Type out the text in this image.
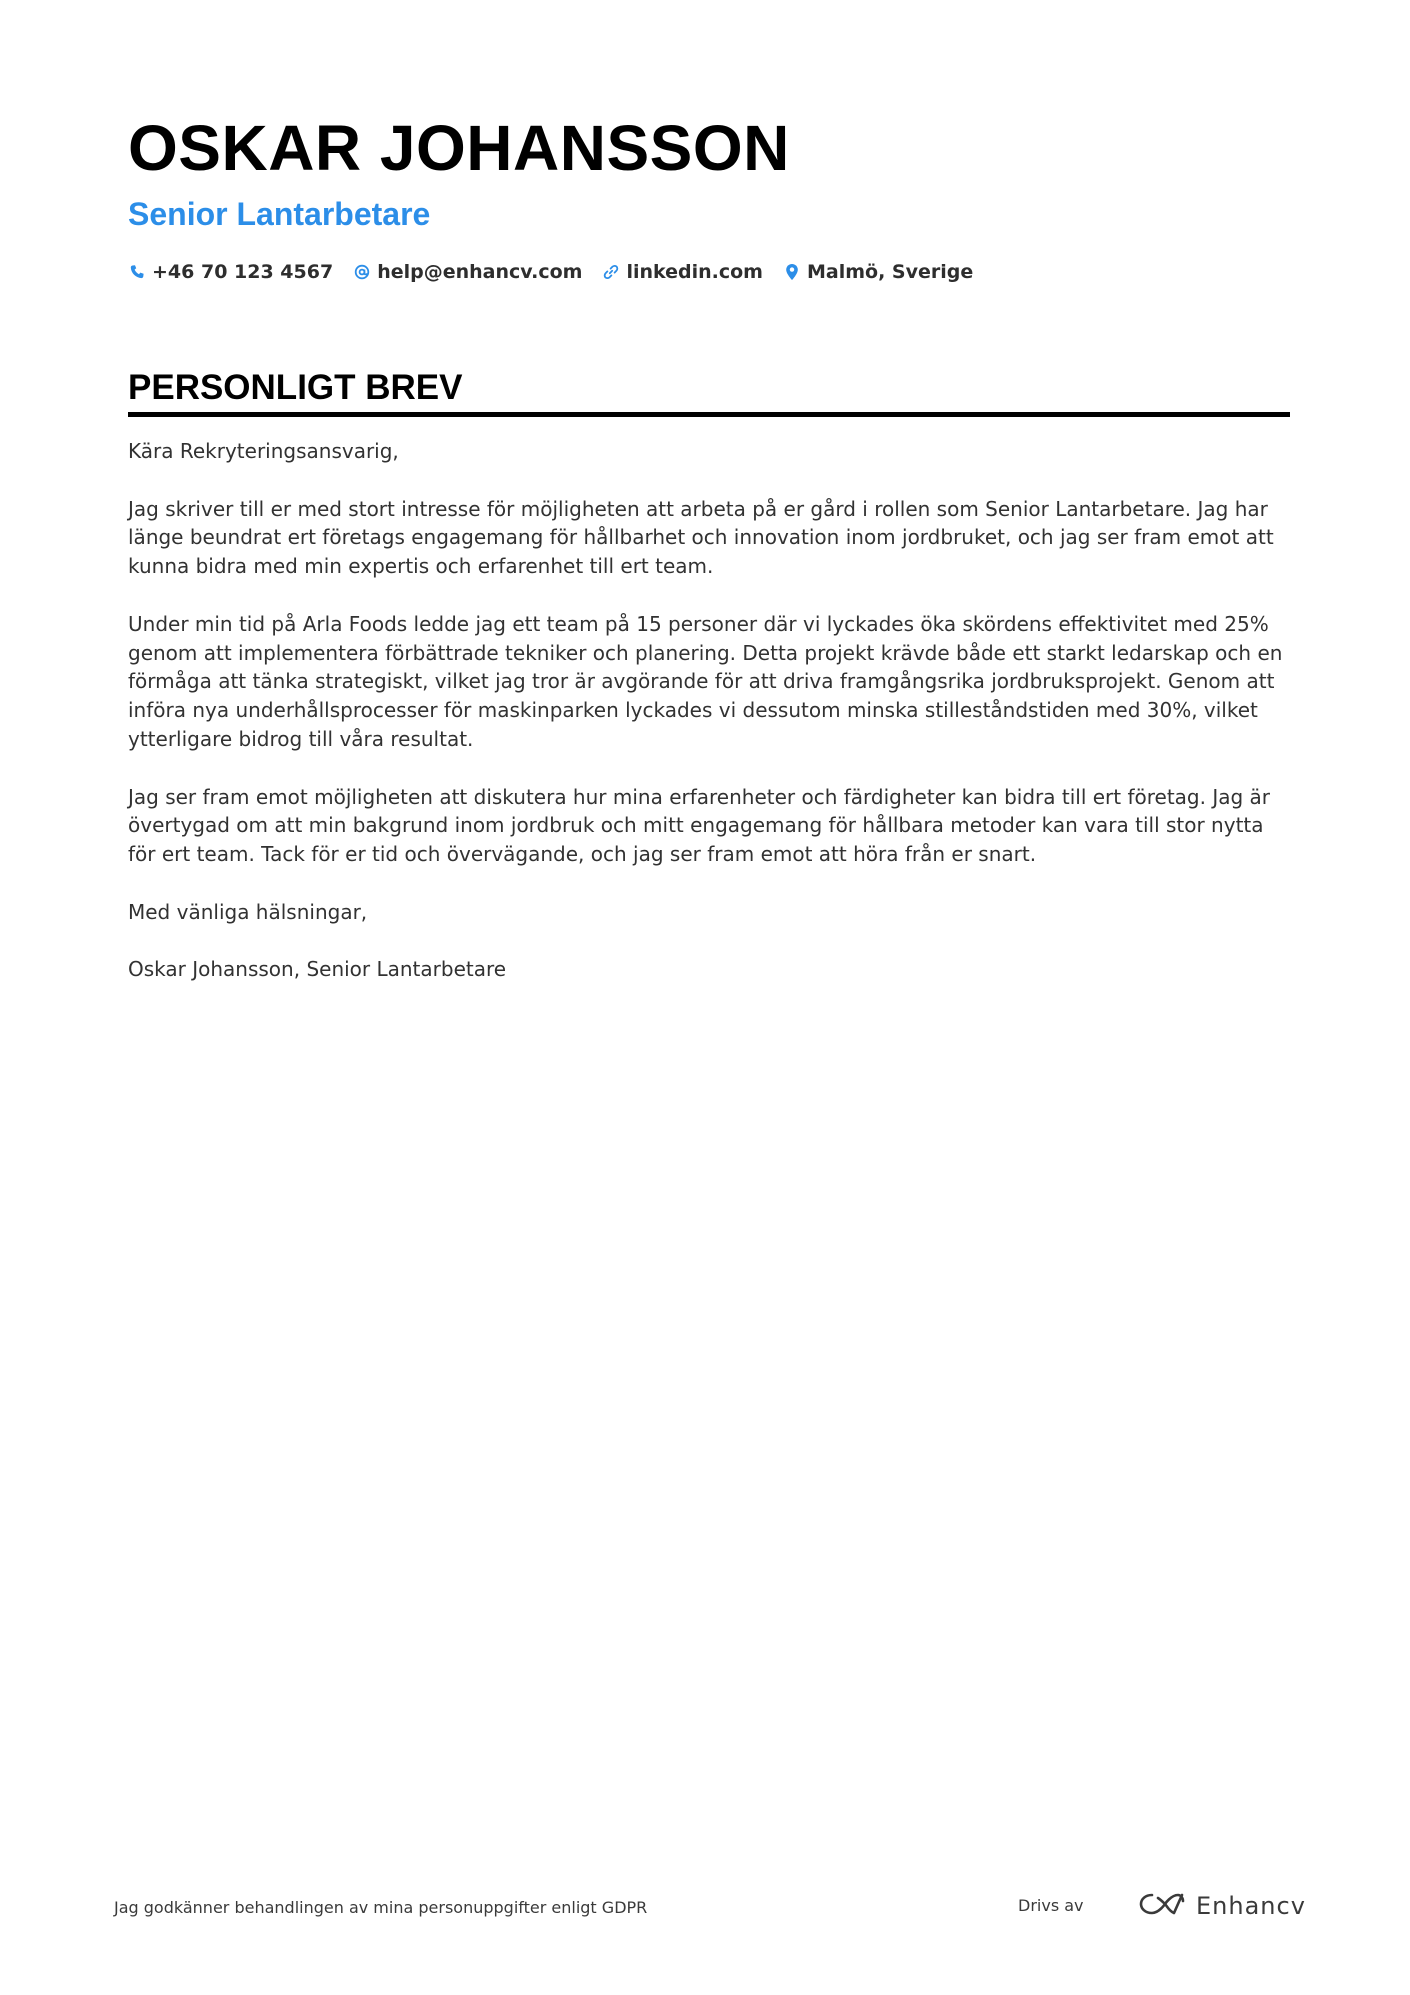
OSKAR JOHANSSON
Senior Lantarbetare
+46 70 123 4567 help@enhancv.com linkedin.com Malmö, Sverige
PERSONLIGT BREV

Kära Rekryteringsansvarig,

Jag skriver till er med stort intresse för möjligheten att arbeta på er gård i rollen som Senior Lantarbetare. Jag har länge beundrat ert företags engagemang för hållbarhet och innovation inom jordbruket, och jag ser fram emot att kunna bidra med min expertis och erfarenhet till ert team.

Under min tid på Arla Foods ledde jag ett team på 15 personer där vi lyckades öka skördens effektivitet med 25% genom att implementera förbättrade tekniker och planering. Detta projekt krävde både ett starkt ledarskap och en förmåga att tänka strategiskt, vilket jag tror är avgörande för att driva framgångsrika jordbruksprojekt. Genom att införa nya underhållsprocesser för maskinparken lyckades vi dessutom minska stilleståndstiden med 30%, vilket ytterligare bidrog till våra resultat.

Jag ser fram emot möjligheten att diskutera hur mina erfarenheter och färdigheter kan bidra till ert företag. Jag är övertygad om att min bakgrund inom jordbruk och mitt engagemang för hållbara metoder kan vara till stor nytta för ert team. Tack för er tid och övervägande, och jag ser fram emot att höra från er snart.

Med vänliga hälsningar,

Oskar Johansson, Senior Lantarbetare

Jag godkänner behandlingen av mina personuppgifter enligt GDPR	Drivs av	Enhancv
